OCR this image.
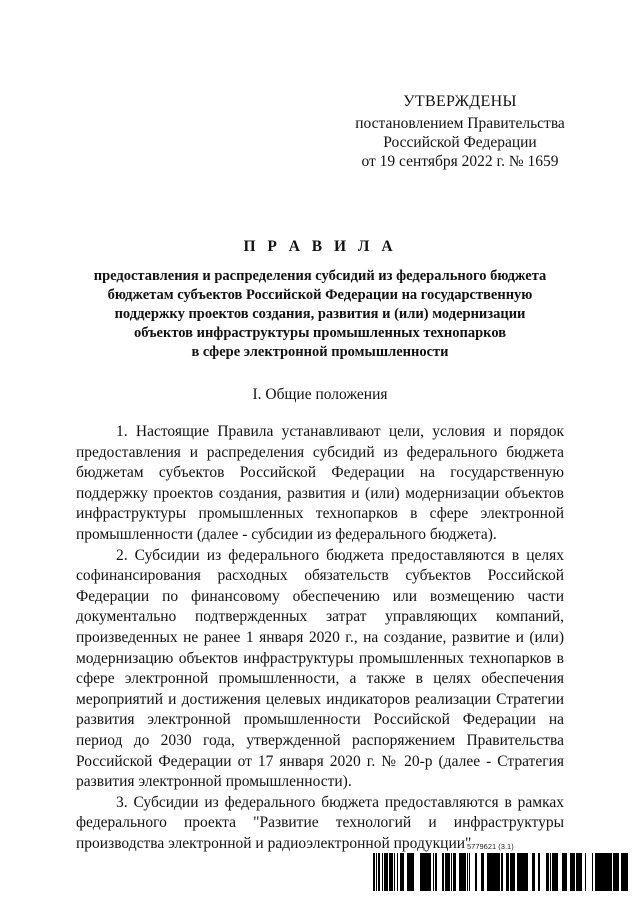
УТВЕРЖДЕНЫ
постановлением Правительства
Российской Федерации
от 19 сентября 2022 г. № 1659
П Р А В И Л А
предоставления и распределения субсидий из федерального бюджета
бюджетам субъектов Российской Федерации на государственную
поддержку проектов создания, развития и (или) модернизации
объектов инфраструктуры промышленных технопарков
в сфере электронной промышленности
I. Общие положения

1. Настоящие Правила устанавливают цели, условия и порядок предоставления и распределения субсидий из федерального бюджета бюджетам субъектов Российской Федерации на государственную поддержку проектов создания, развития и (или) модернизации объектов инфраструктуры промышленных технопарков в сфере электронной промышленности (далее - субсидии из федерального бюджета).

2. Субсидии из федерального бюджета предоставляются в целях софинансирования расходных обязательств субъектов Российской Федерации по финансовому обеспечению или возмещению части документально подтвержденных затрат управляющих компаний, произведенных не ранее 1 января 2020 г., на создание, развитие и (или) модернизацию объектов инфраструктуры промышленных технопарков в сфере электронной промышленности, а также в целях обеспечения мероприятий и достижения целевых индикаторов реализации Стратегии развития электронной промышленности Российской Федерации на период до 2030 года, утвержденной распоряжением Правительства Российской Федерации от 17 января 2020 г. № 20-р (далее - Стратегия развития электронной промышленности).

3. Субсидии из федерального бюджета предоставляются в рамках федерального проекта "Развитие технологий и инфраструктуры производства электронной и радиоэлектронной продукции"

5779621 (3.1)
